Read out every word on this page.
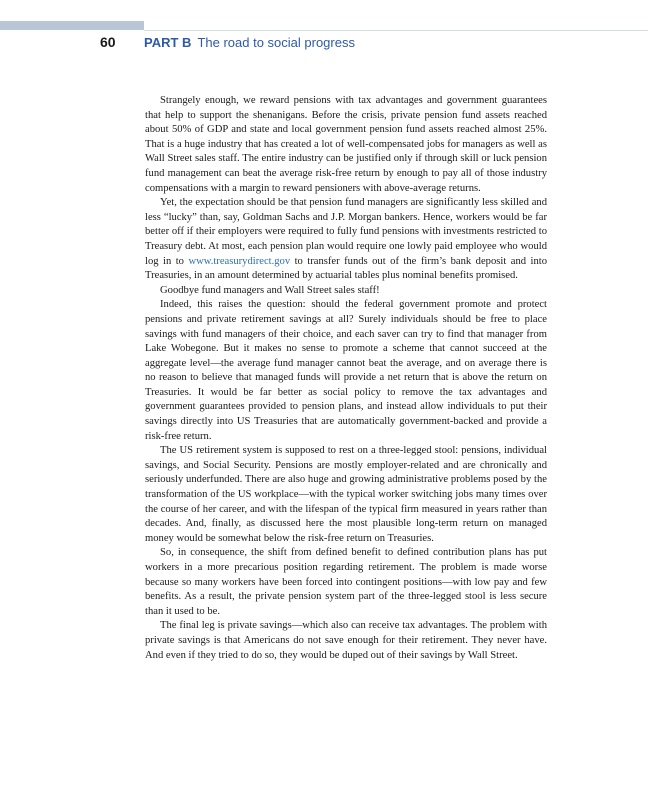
60 PART B The road to social progress

Strangely enough, we reward pensions with tax advantages and government guarantees that help to support the shenanigans. Before the crisis, private pension fund assets reached about 50% of GDP and state and local government pension fund assets reached almost 25%. That is a huge industry that has created a lot of well-compensated jobs for managers as well as Wall Street sales staff. The entire industry can be justified only if through skill or luck pension fund management can beat the average risk-free return by enough to pay all of those industry compensations with a margin to reward pensioners with above-average returns.

Yet, the expectation should be that pension fund managers are significantly less skilled and less “lucky” than, say, Goldman Sachs and J.P. Morgan bankers. Hence, workers would be far better off if their employers were required to fully fund pensions with investments restricted to Treasury debt. At most, each pension plan would require one lowly paid employee who would log in to www.treasurydirect.gov to transfer funds out of the firm’s bank deposit and into Treasuries, in an amount determined by actuarial tables plus nominal benefits promised.

Goodbye fund managers and Wall Street sales staff!

Indeed, this raises the question: should the federal government promote and protect pensions and private retirement savings at all? Surely individuals should be free to place savings with fund managers of their choice, and each saver can try to find that manager from Lake Wobegone. But it makes no sense to promote a scheme that cannot succeed at the aggregate level—the average fund manager cannot beat the average, and on average there is no reason to believe that managed funds will provide a net return that is above the return on Treasuries. It would be far better as social policy to remove the tax advantages and government guarantees provided to pension plans, and instead allow individuals to put their savings directly into US Treasuries that are automatically government-backed and provide a risk-free return.

The US retirement system is supposed to rest on a three-legged stool: pensions, individual savings, and Social Security. Pensions are mostly employer-related and are chronically and seriously underfunded. There are also huge and growing administrative problems posed by the transformation of the US workplace—with the typical worker switching jobs many times over the course of her career, and with the lifespan of the typical firm measured in years rather than decades. And, finally, as discussed here the most plausible long-term return on managed money would be somewhat below the risk-free return on Treasuries.

So, in consequence, the shift from defined benefit to defined contribution plans has put workers in a more precarious position regarding retirement. The problem is made worse because so many workers have been forced into contingent positions—with low pay and few benefits. As a result, the private pension system part of the three-legged stool is less secure than it used to be.

The final leg is private savings—which also can receive tax advantages. The problem with private savings is that Americans do not save enough for their retirement. They never have. And even if they tried to do so, they would be duped out of their savings by Wall Street.
